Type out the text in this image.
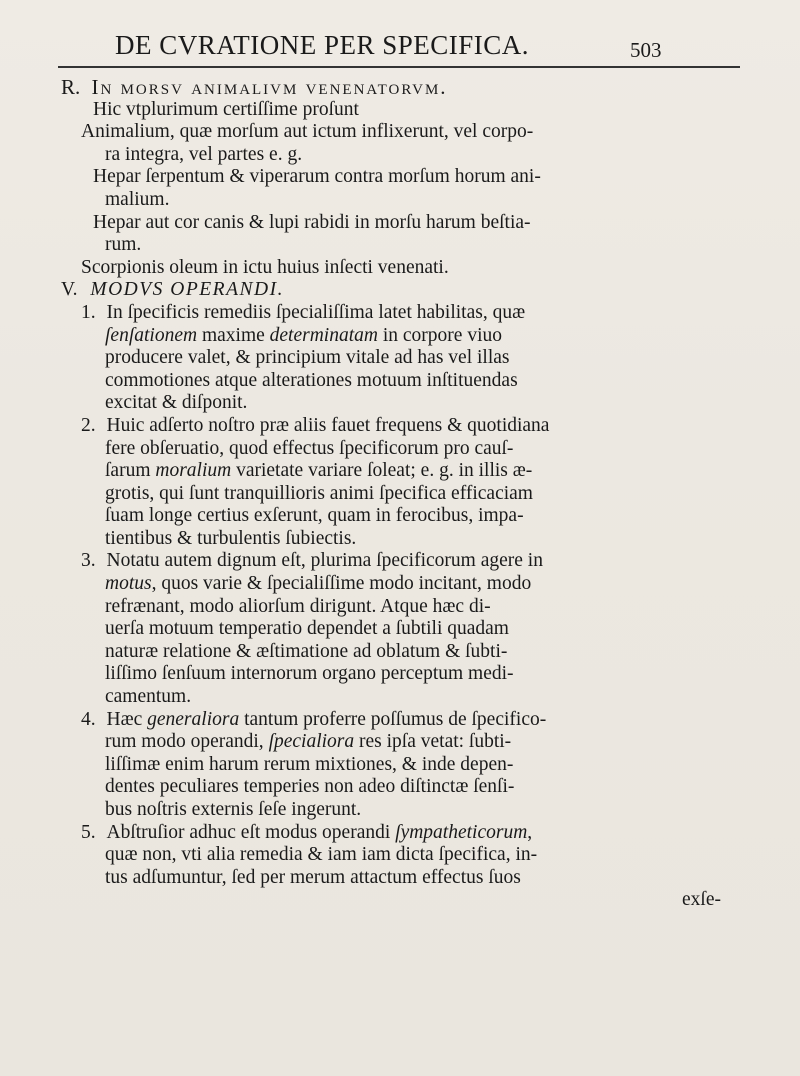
DE CVRATIONE PER SPECIFICA.	503
R. In morsv animalivm venenatorvm.
Hic vtplurimum certiſſime proſunt
Animalium, quæ morſum aut ictum inflixerunt, vel corpo-
ra integra, vel partes e. g.
Hepar ſerpentum & viperarum contra morſum horum ani-
malium.
Hepar aut cor canis & lupi rabidi in morſu harum beſtia-
rum.
Scorpionis oleum in ictu huius inſecti venenati.
V. MODVS OPERANDI.
1. In ſpecificis remediis ſpecialiſſima latet habilitas, quæ
ſenſationem maxime determinatam in corpore viuo
producere valet, & principium vitale ad has vel illas
commotiones atque alterationes motuum inſtituendas
excitat & diſponit.
2. Huic adſerto noſtro præ aliis fauet frequens & quotidiana
fere obſeruatio, quod effectus ſpecificorum pro cauſ-
ſarum moralium varietate variare ſoleat; e. g. in illis æ-
grotis, qui ſunt tranquillioris animi ſpecifica efficaciam
ſuam longe certius exſerunt, quam in ferocibus, impa-
tientibus & turbulentis ſubiectis.
3. Notatu autem dignum eſt, plurima ſpecificorum agere in
motus, quos varie & ſpecialiſſime modo incitant, modo
refrænant, modo aliorſum dirigunt. Atque hæc di-
uerſa motuum temperatio dependet a ſubtili quadam
naturæ relatione & æſtimatione ad oblatum & ſubti-
liſſimo ſenſuum internorum organo perceptum medi-
camentum.
4. Hæc generaliora tantum proferre poſſumus de ſpecifico-
rum modo operandi, ſpecialiora res ipſa vetat: ſubti-
liſſimæ enim harum rerum mixtiones, & inde depen-
dentes peculiares temperies non adeo diſtinctæ ſenſi-
bus noſtris externis ſeſe ingerunt.
5. Abſtruſior adhuc eſt modus operandi ſympatheticorum,
quæ non, vti alia remedia & iam iam dicta ſpecifica, in-
tus adſumuntur, ſed per merum attactum effectus ſuos
exſe-
